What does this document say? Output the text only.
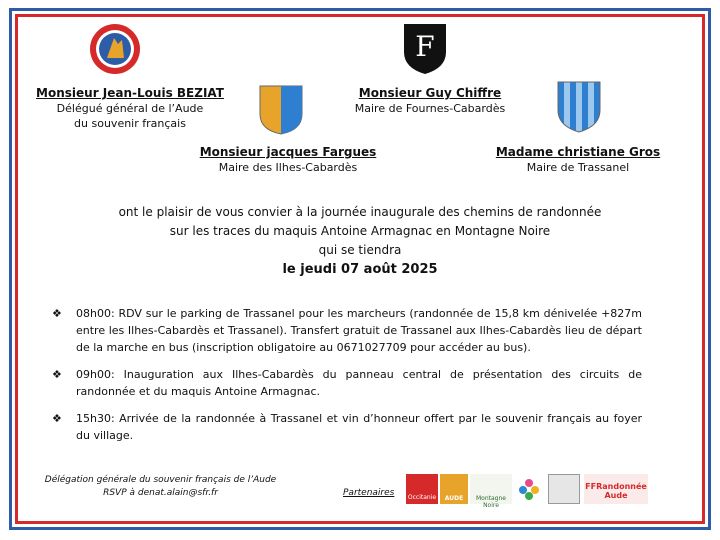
F
Monsieur Jean-Louis BEZIAT
Délégué général de l’Aude
du souvenir français
Monsieur Guy Chiffre
Maire de Fournes-Cabardès
Monsieur jacques Fargues
Maire des Ilhes-Cabardès
Madame christiane Gros
Maire de Trassanel
ont le plaisir de vous convier à la journée inaugurale des chemins de randonnée
sur les traces du maquis Antoine Armagnac en Montagne Noire
qui se tiendra
le jeudi 07 août 2025
❖ 08h00: RDV sur le parking de Trassanel pour les marcheurs (randonnée de 15,8 km dénivelée +827m entre les Ilhes-Cabardès et Trassanel). Transfert gratuit de Trassanel aux Ilhes-Cabardès lieu de départ de la marche en bus (inscription obligatoire au 0671027709 pour accéder au bus).
❖ 09h00: Inauguration aux Ilhes-Cabardès du panneau central de présentation des circuits de randonnée et du maquis Antoine Armagnac.
❖ 15h30: Arrivée de la randonnée à Trassanel et vin d’honneur offert par le souvenir français au foyer du village.
Délégation générale du souvenir français de l’Aude
RSVP à denat.alain@sfr.fr	Partenaires	Occitanie	AUDE	Montagne Noire
FFRandonnée Aude
